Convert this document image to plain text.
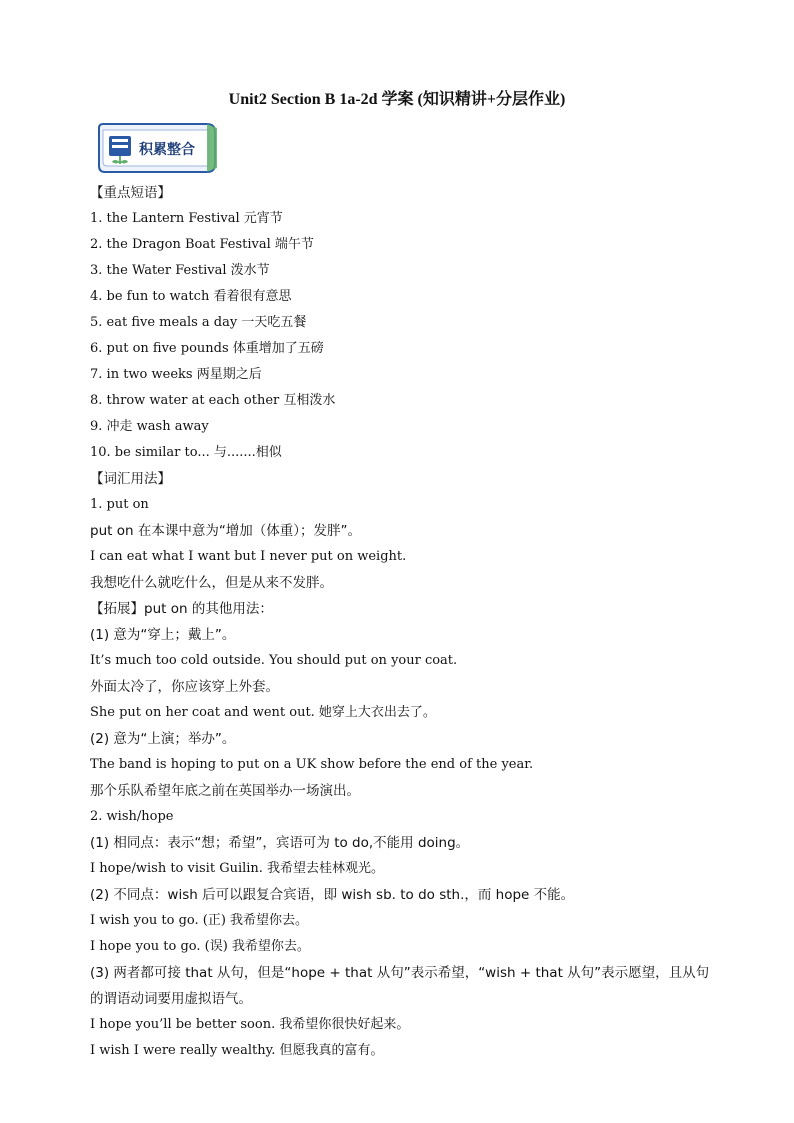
Unit2 Section B 1a-2d 学案 (知识精讲+分层作业)
积累整合
【重点短语】
1. the Lantern Festival 元宵节
2. the Dragon Boat Festival 端午节
3. the Water Festival 泼水节
4. be fun to watch 看着很有意思
5. eat five meals a day 一天吃五餐
6. put on five pounds 体重增加了五磅
7. in two weeks 两星期之后
8. throw water at each other 互相泼水
9. 冲走 wash away
10. be similar to... 与.......相似
【词汇用法】
1. put on
put on 在本课中意为“增加（体重）；发胖”。
I can eat what I want but I never put on weight.
我想吃什么就吃什么，但是从来不发胖。
【拓展】put on 的其他用法：
(1) 意为“穿上；戴上”。
It’s much too cold outside. You should put on your coat.
外面太冷了，你应该穿上外套。
She put on her coat and went out. 她穿上大衣出去了。
(2) 意为“上演；举办”。
The band is hoping to put on a UK show before the end of the year.
那个乐队希望年底之前在英国举办一场演出。
2. wish/hope
(1) 相同点：表示“想；希望”，宾语可为 to do,不能用 doing。
I hope/wish to visit Guilin. 我希望去桂林观光。
(2) 不同点：wish 后可以跟复合宾语，即 wish sb. to do sth.，而 hope 不能。
I wish you to go. (正) 我希望你去。
I hope you to go. (误) 我希望你去。
(3) 两者都可接 that 从句，但是“hope + that 从句”表示希望，“wish + that 从句”表示愿望，且从句的谓语动词要用虚拟语气。
I hope you’ll be better soon. 我希望你很快好起来。
I wish I were really wealthy. 但愿我真的富有。
